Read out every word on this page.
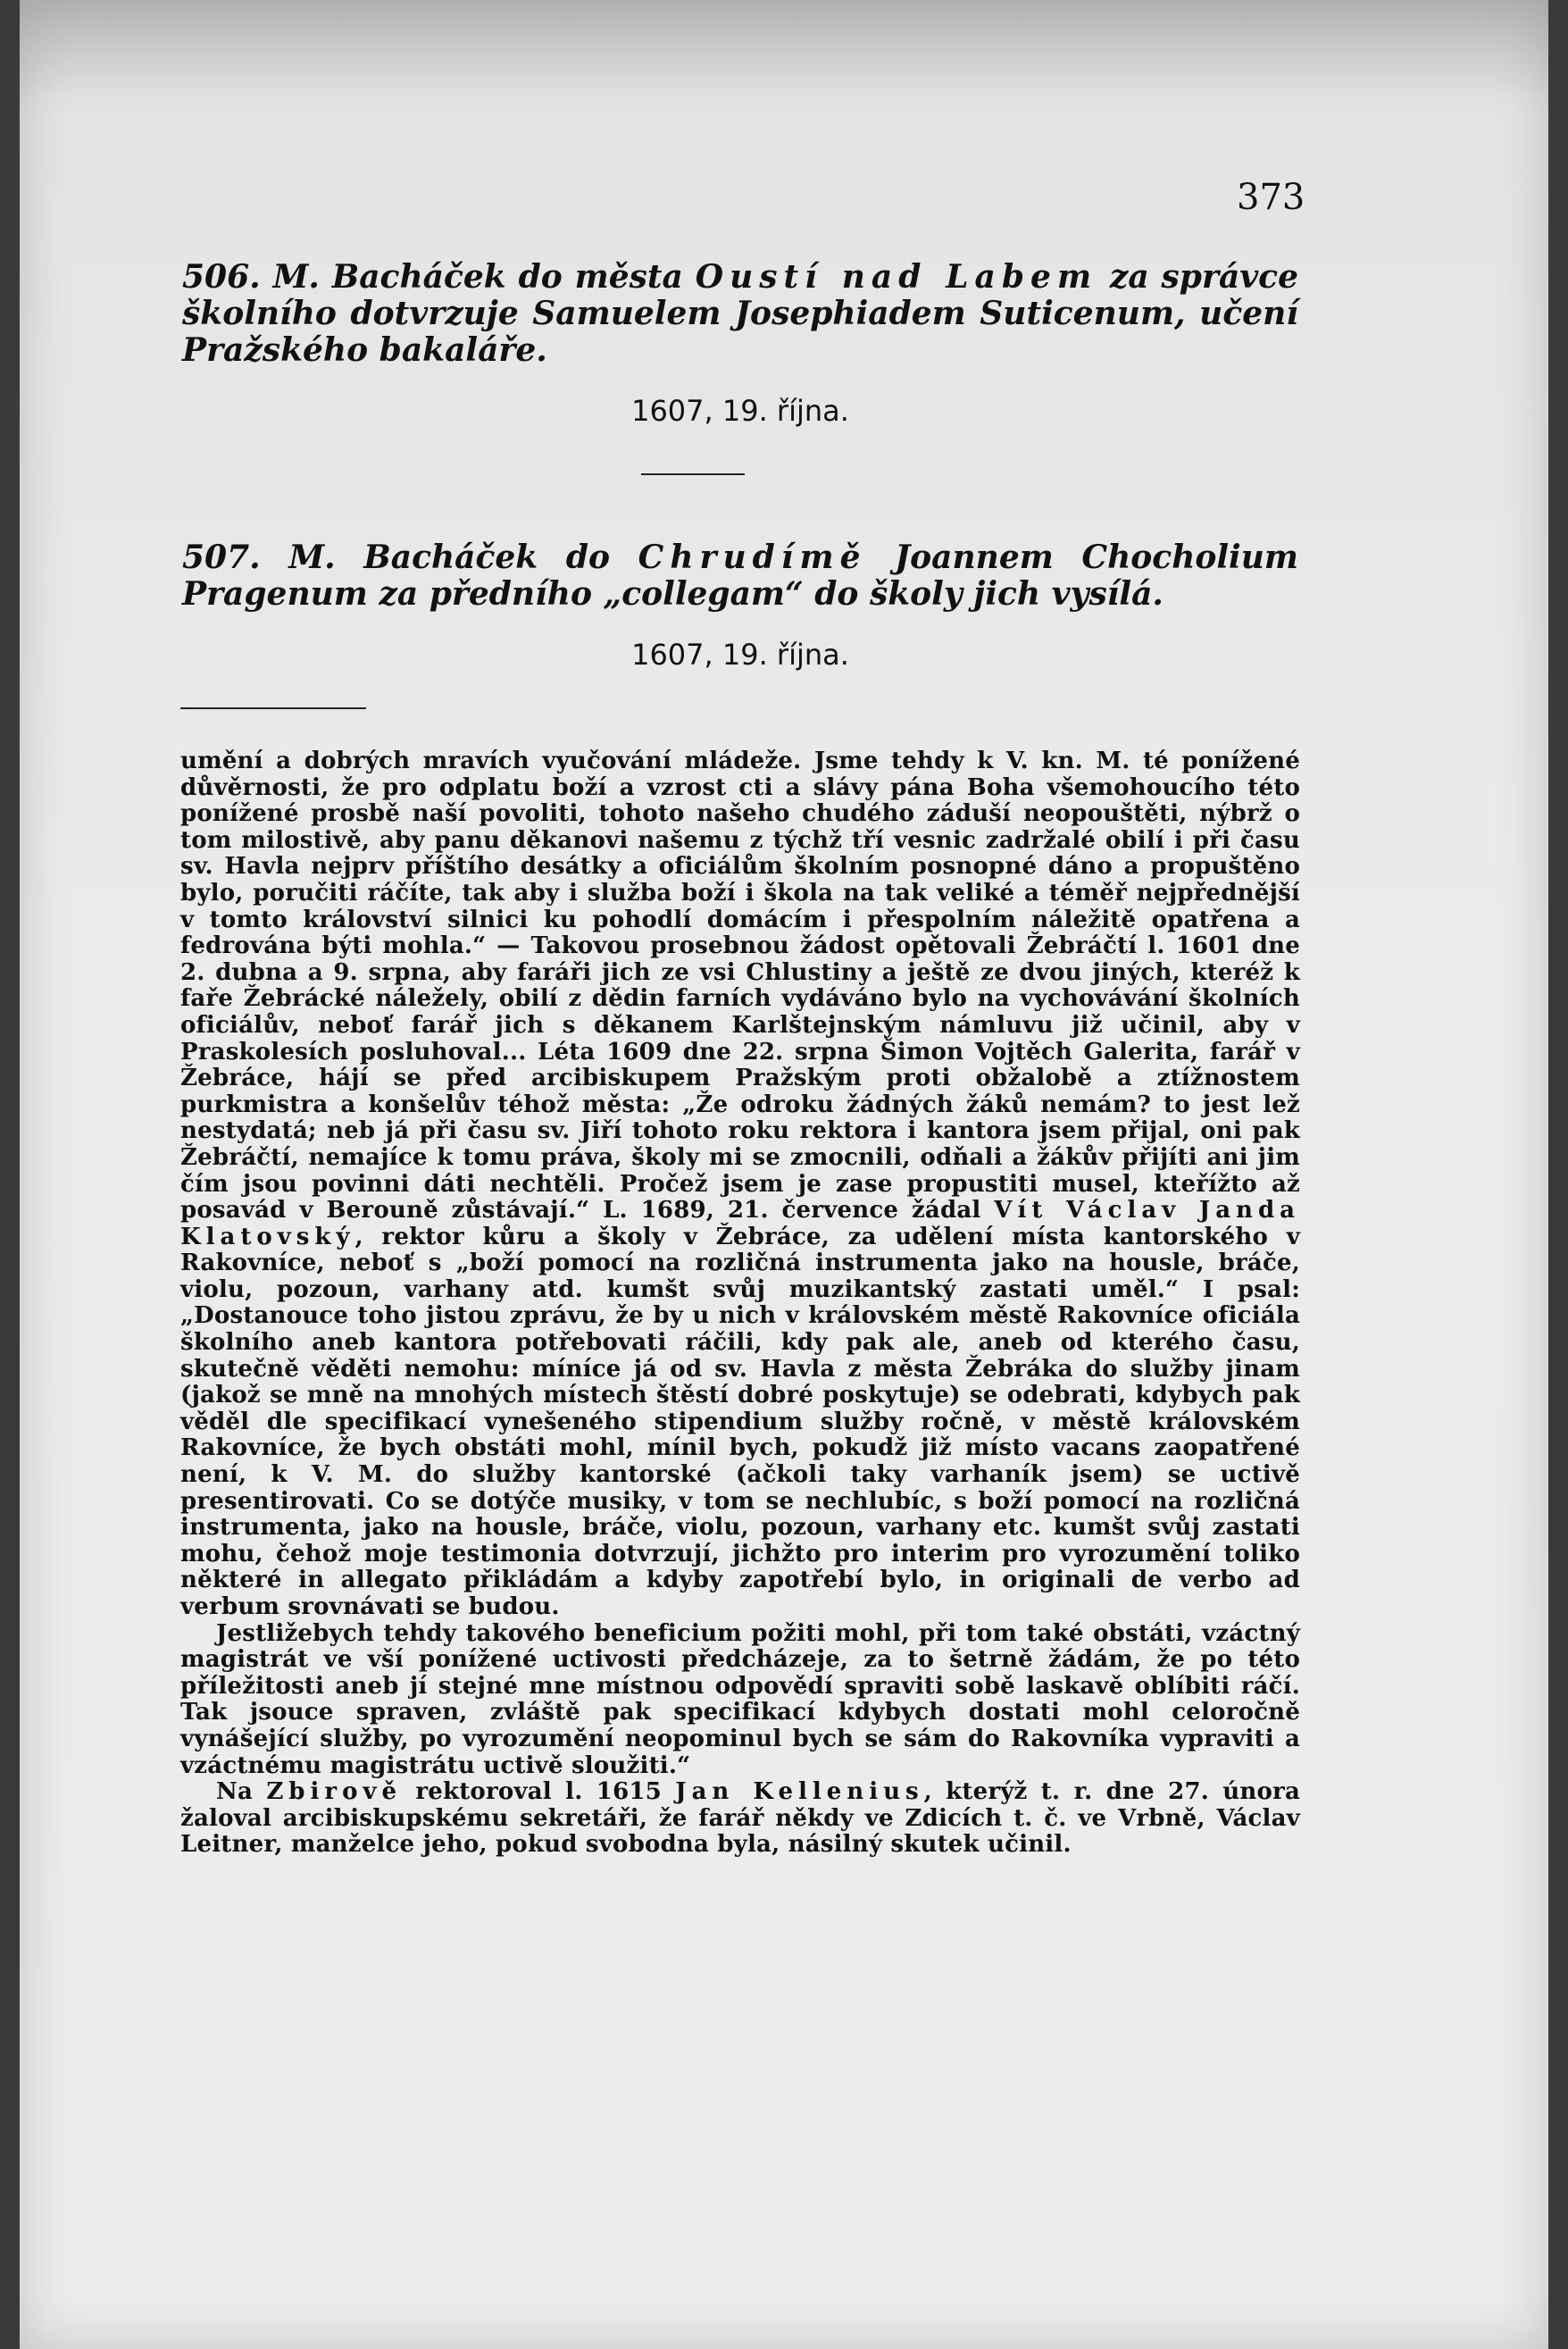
373

506. M. Bacháček do města Oustí nad Labem za správce školního dotvrzuje Samuelem Josephiadem Suticenum, učení Pražského bakaláře.

1607, 19. října.

507. M. Bacháček do Chrudímě Joannem Chocholium Pragenum za předního „collegam“ do školy jich vysílá.

1607, 19. října.

umění a dobrých mravích vyučování mládeže. Jsme tehdy k V. kn. M. té ponížené důvěrnosti, že pro odplatu boží a vzrost cti a slávy pána Boha všemohoucího této ponížené prosbě naší povoliti, tohoto našeho chudého záduší neopouštěti, nýbrž o tom milostivě, aby panu děkanovi našemu z týchž tří vesnic zadržalé obilí i při času sv. Havla nejprv příštího desátky a oficiálům školním posnopné dáno a propuštěno bylo, poručiti ráčíte, tak aby i služba boží i škola na tak veliké a téměř nejpřednější v tomto království silnici ku pohodlí domácím i přespolním náležitě opatřena a fedrována býti mohla.“ — Takovou prosebnou žádost opětovali Žebráčtí l. 1601 dne 2. dubna a 9. srpna, aby faráři jich ze vsi Chlustiny a ještě ze dvou jiných, kteréž k faře Žebrácké náležely, obilí z dědin farních vydáváno bylo na vychovávání školních oficiálův, neboť farář jich s děkanem Karlštejnským námluvu již učinil, aby v Praskolesích posluhoval... Léta 1609 dne 22. srpna Šimon Vojtěch Galerita, farář v Žebráce, hájí se před arcibiskupem Pražským proti obžalobě a ztížnostem purkmistra a konšelův téhož města: „Že odroku žádných žáků nemám? to jest lež nestydatá; neb já při času sv. Jiří tohoto roku rektora i kantora jsem přijal, oni pak Žebráčtí, nemajíce k tomu práva, školy mi se zmocnili, odňali a žákův přijíti ani jim čím jsou povinni dáti nechtěli. Pročež jsem je zase propustiti musel, kteřížto až posavád v Berouně zůstávají.“ L. 1689, 21. července žádal Vít Václav Janda Klatovský, rektor kůru a školy v Žebráce, za udělení místa kantorského v Rakovníce, neboť s „boží pomocí na rozličná instrumenta jako na housle, bráče, violu, pozoun, varhany atd. kumšt svůj muzikantský zastati uměl.“ I psal: „Dostanouce toho jistou zprávu, že by u nich v královském městě Rakovníce oficiála školního aneb kantora potřebovati ráčili, kdy pak ale, aneb od kterého času, skutečně věděti nemohu: míníce já od sv. Havla z města Žebráka do služby jinam (jakož se mně na mnohých místech štěstí dobré poskytuje) se odebrati, kdybych pak věděl dle specifikací vynešeného stipendium služby ročně, v městě královském Rakovníce, že bych obstáti mohl, mínil bych, pokudž již místo vacans zaopatřené není, k V. M. do služby kantorské (ačkoli taky varhaník jsem) se uctivě presentirovati. Co se dotýče musiky, v tom se nechlubíc, s boží pomocí na rozličná instrumenta, jako na housle, bráče, violu, pozoun, varhany etc. kumšt svůj zastati mohu, čehož moje testimonia dotvrzují, jichžto pro interim pro vyrozumění toliko některé in allegato přikládám a kdyby zapotřebí bylo, in originali de verbo ad verbum srovnávati se budou.

Jestližebych tehdy takového beneficium požiti mohl, při tom také obstáti, vzáctný magistrát ve vší ponížené uctivosti předcházeje, za to šetrně žádám, že po této příležitosti aneb jí stejné mne místnou odpovědí spraviti sobě laskavě oblíbiti ráčí. Tak jsouce spraven, zvláště pak specifikací kdybych dostati mohl celoročně vynášející služby, po vyrozumění neopominul bych se sám do Rakovníka vypraviti a vzáctnému magistrátu uctivě sloužiti.“

Na Zbirově rektoroval l. 1615 Jan Kellenius, kterýž t. r. dne 27. února žaloval arcibiskupskému sekretáři, že farář někdy ve Zdicích t. č. ve Vrbně, Václav Leitner, manželce jeho, pokud svobodna byla, násilný skutek učinil.
